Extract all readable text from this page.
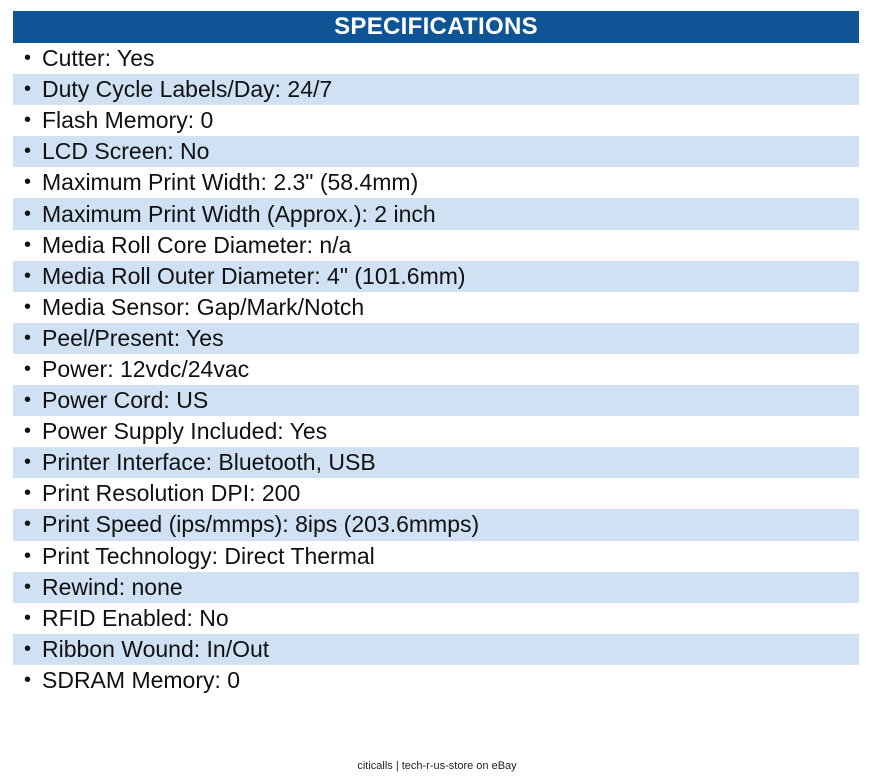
SPECIFICATIONS
• Cutter: Yes
• Duty Cycle Labels/Day: 24/7
• Flash Memory: 0
• LCD Screen: No
• Maximum Print Width: 2.3" (58.4mm)
• Maximum Print Width (Approx.): 2 inch
• Media Roll Core Diameter: n/a
• Media Roll Outer Diameter: 4" (101.6mm)
• Media Sensor: Gap/Mark/Notch
• Peel/Present: Yes
• Power: 12vdc/24vac
• Power Cord: US
• Power Supply Included: Yes
• Printer Interface: Bluetooth, USB
• Print Resolution DPI: 200
• Print Speed (ips/mmps): 8ips (203.6mmps)
• Print Technology: Direct Thermal
• Rewind: none
• RFID Enabled: No
• Ribbon Wound: In/Out
• SDRAM Memory: 0
citicalls | tech-r-us-store on eBay
